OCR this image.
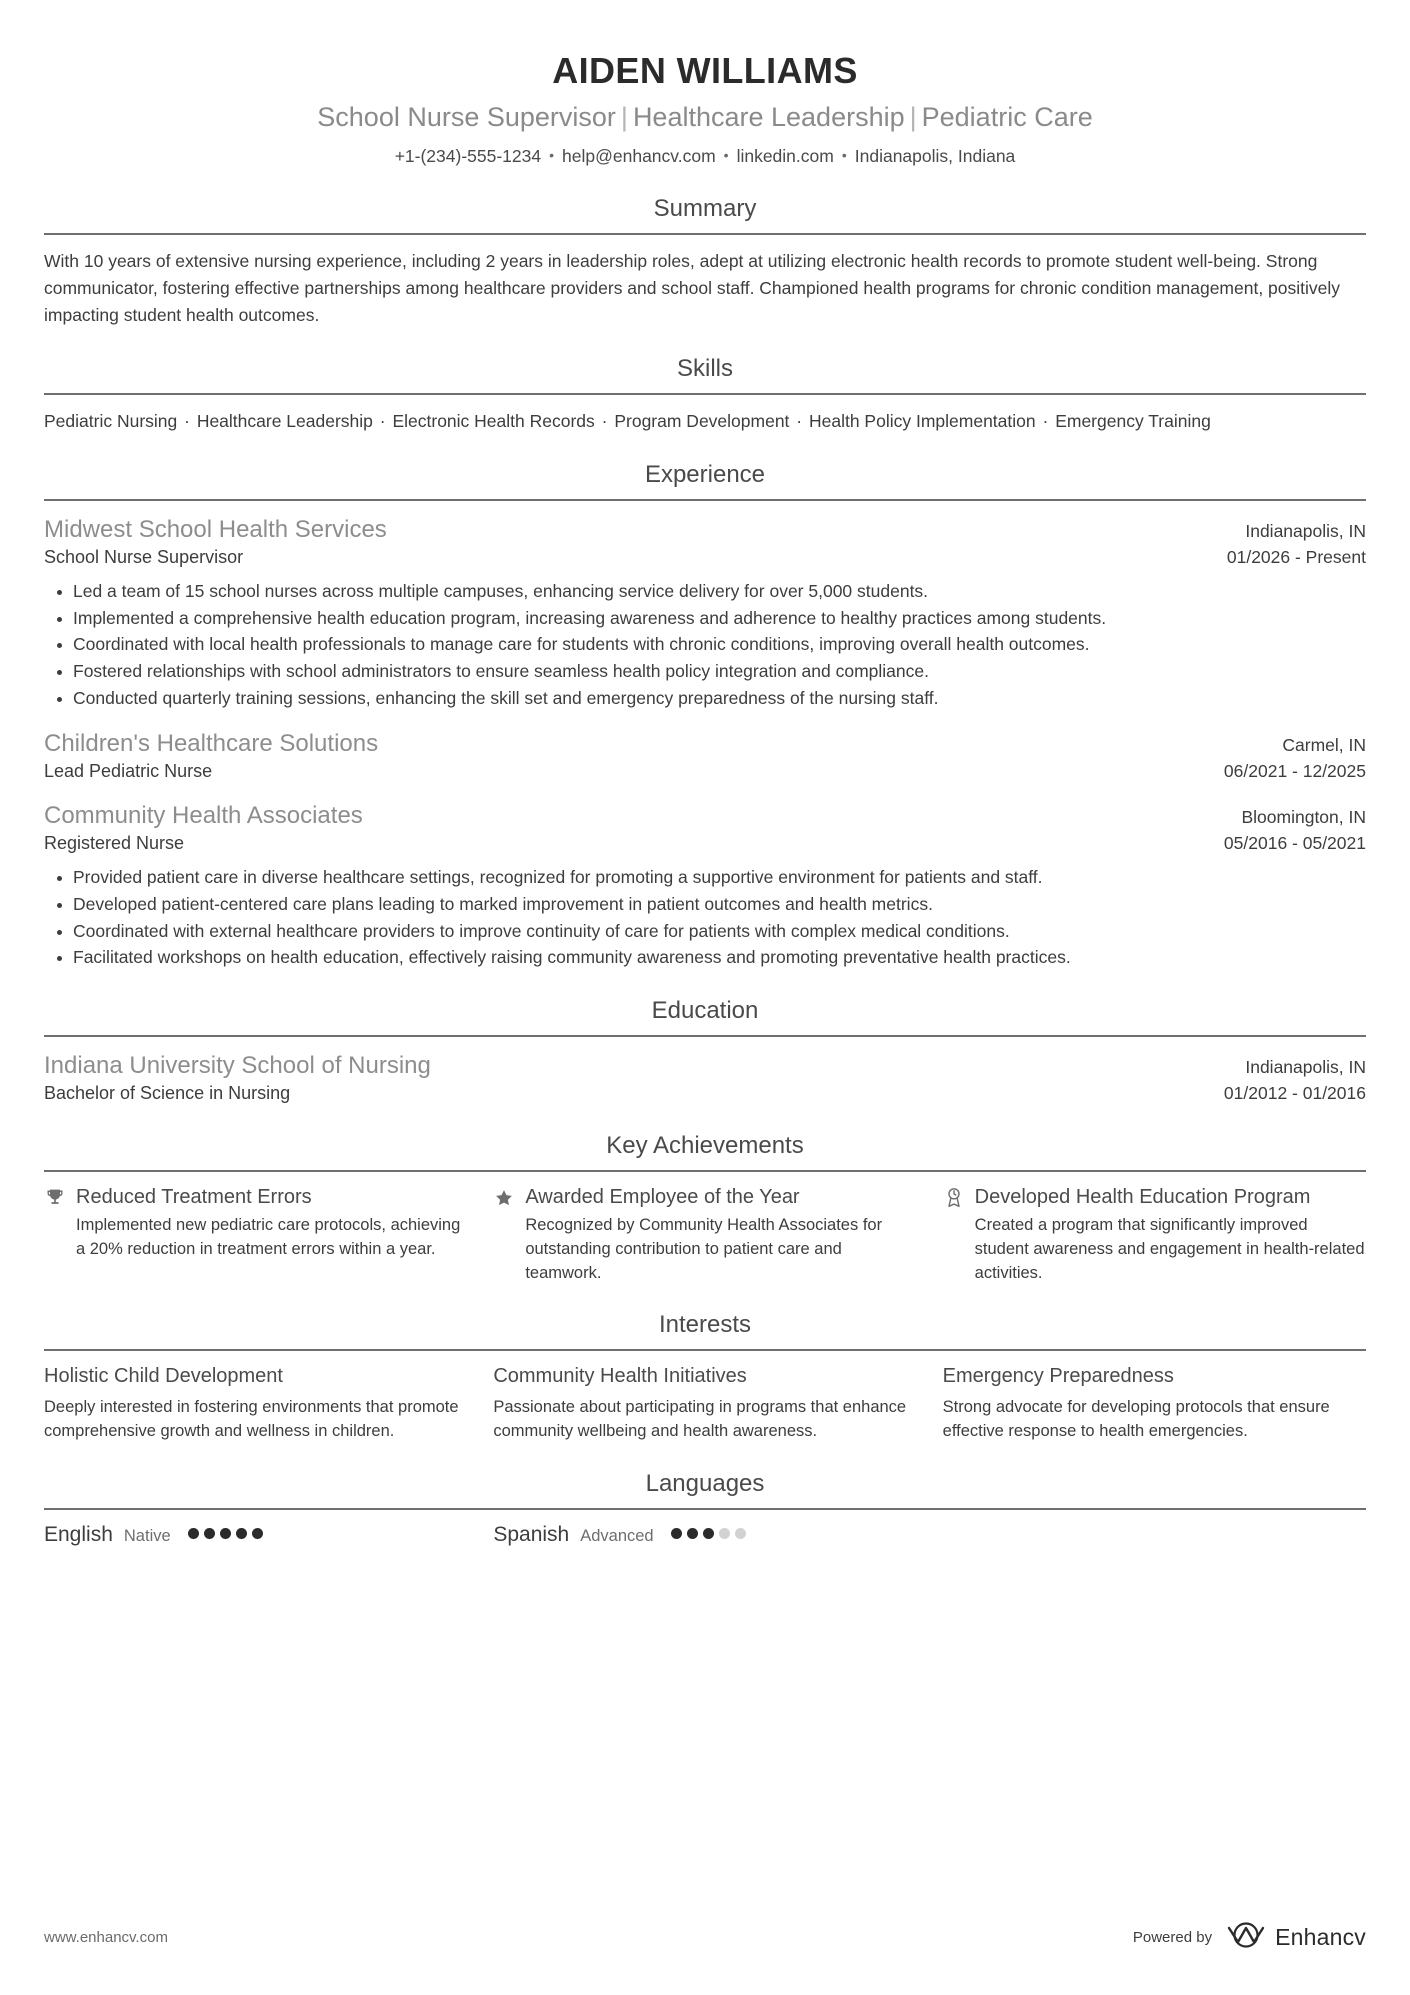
AIDEN WILLIAMS
School Nurse Supervisor | Healthcare Leadership | Pediatric Care
+1-(234)-555-1234 • help@enhancv.com • linkedin.com • Indianapolis, Indiana
Summary
With 10 years of extensive nursing experience, including 2 years in leadership roles, adept at utilizing electronic health records to promote student well-being. Strong communicator, fostering effective partnerships among healthcare providers and school staff. Championed health programs for chronic condition management, positively impacting student health outcomes.
Skills
Pediatric Nursing · Healthcare Leadership · Electronic Health Records · Program Development · Health Policy Implementation · Emergency Training
Experience
Midwest School Health Services	Indianapolis, IN
School Nurse Supervisor	01/2026 - Present
Led a team of 15 school nurses across multiple campuses, enhancing service delivery for over 5,000 students.
Implemented a comprehensive health education program, increasing awareness and adherence to healthy practices among students.
Coordinated with local health professionals to manage care for students with chronic conditions, improving overall health outcomes.
Fostered relationships with school administrators to ensure seamless health policy integration and compliance.
Conducted quarterly training sessions, enhancing the skill set and emergency preparedness of the nursing staff.
Children's Healthcare Solutions	Carmel, IN
Lead Pediatric Nurse	06/2021 - 12/2025
Community Health Associates	Bloomington, IN
Registered Nurse	05/2016 - 05/2021
Provided patient care in diverse healthcare settings, recognized for promoting a supportive environment for patients and staff.
Developed patient-centered care plans leading to marked improvement in patient outcomes and health metrics.
Coordinated with external healthcare providers to improve continuity of care for patients with complex medical conditions.
Facilitated workshops on health education, effectively raising community awareness and promoting preventative health practices.
Education
Indiana University School of Nursing	Indianapolis, IN
Bachelor of Science in Nursing	01/2012 - 01/2016
Key Achievements
Reduced Treatment Errors
Implemented new pediatric care protocols, achieving a 20% reduction in treatment errors within a year.
Awarded Employee of the Year
Recognized by Community Health Associates for outstanding contribution to patient care and teamwork.
Developed Health Education Program
Created a program that significantly improved student awareness and engagement in health-related activities.
Interests
Holistic Child Development
Deeply interested in fostering environments that promote comprehensive growth and wellness in children.
Community Health Initiatives
Passionate about participating in programs that enhance community wellbeing and health awareness.
Emergency Preparedness
Strong advocate for developing protocols that ensure effective response to health emergencies.
Languages
English Native	Spanish Advanced
www.enhancv.com	Powered by	Enhancv
